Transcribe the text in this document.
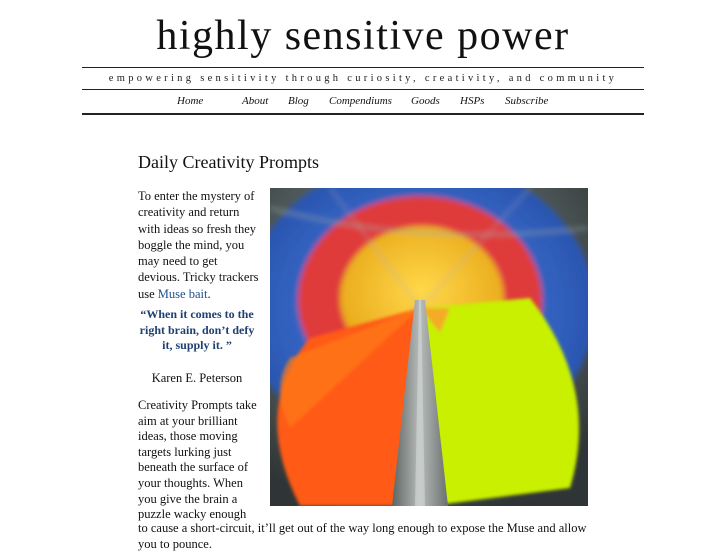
highly sensitive power
empowering sensitivity through curiosity, creativity, and community
Home	About Blog Compendiums Goods HSPs Subscribe
Daily Creativity Prompts

To enter the mystery of creativity and return with ideas so fresh they boggle the mind, you may need to get devious. Tricky trackers use Muse bait.

“When it comes to the right brain, don’t defy it, supply it. ”
Karen E. Peterson

Creativity Prompts take aim at your brilliant ideas, those moving targets lurking just beneath the surface of your thoughts. When you give the brain a puzzle wacky enough

to cause a short-circuit, it’ll get out of the way long enough to expose the Muse and allow
you to pounce.
